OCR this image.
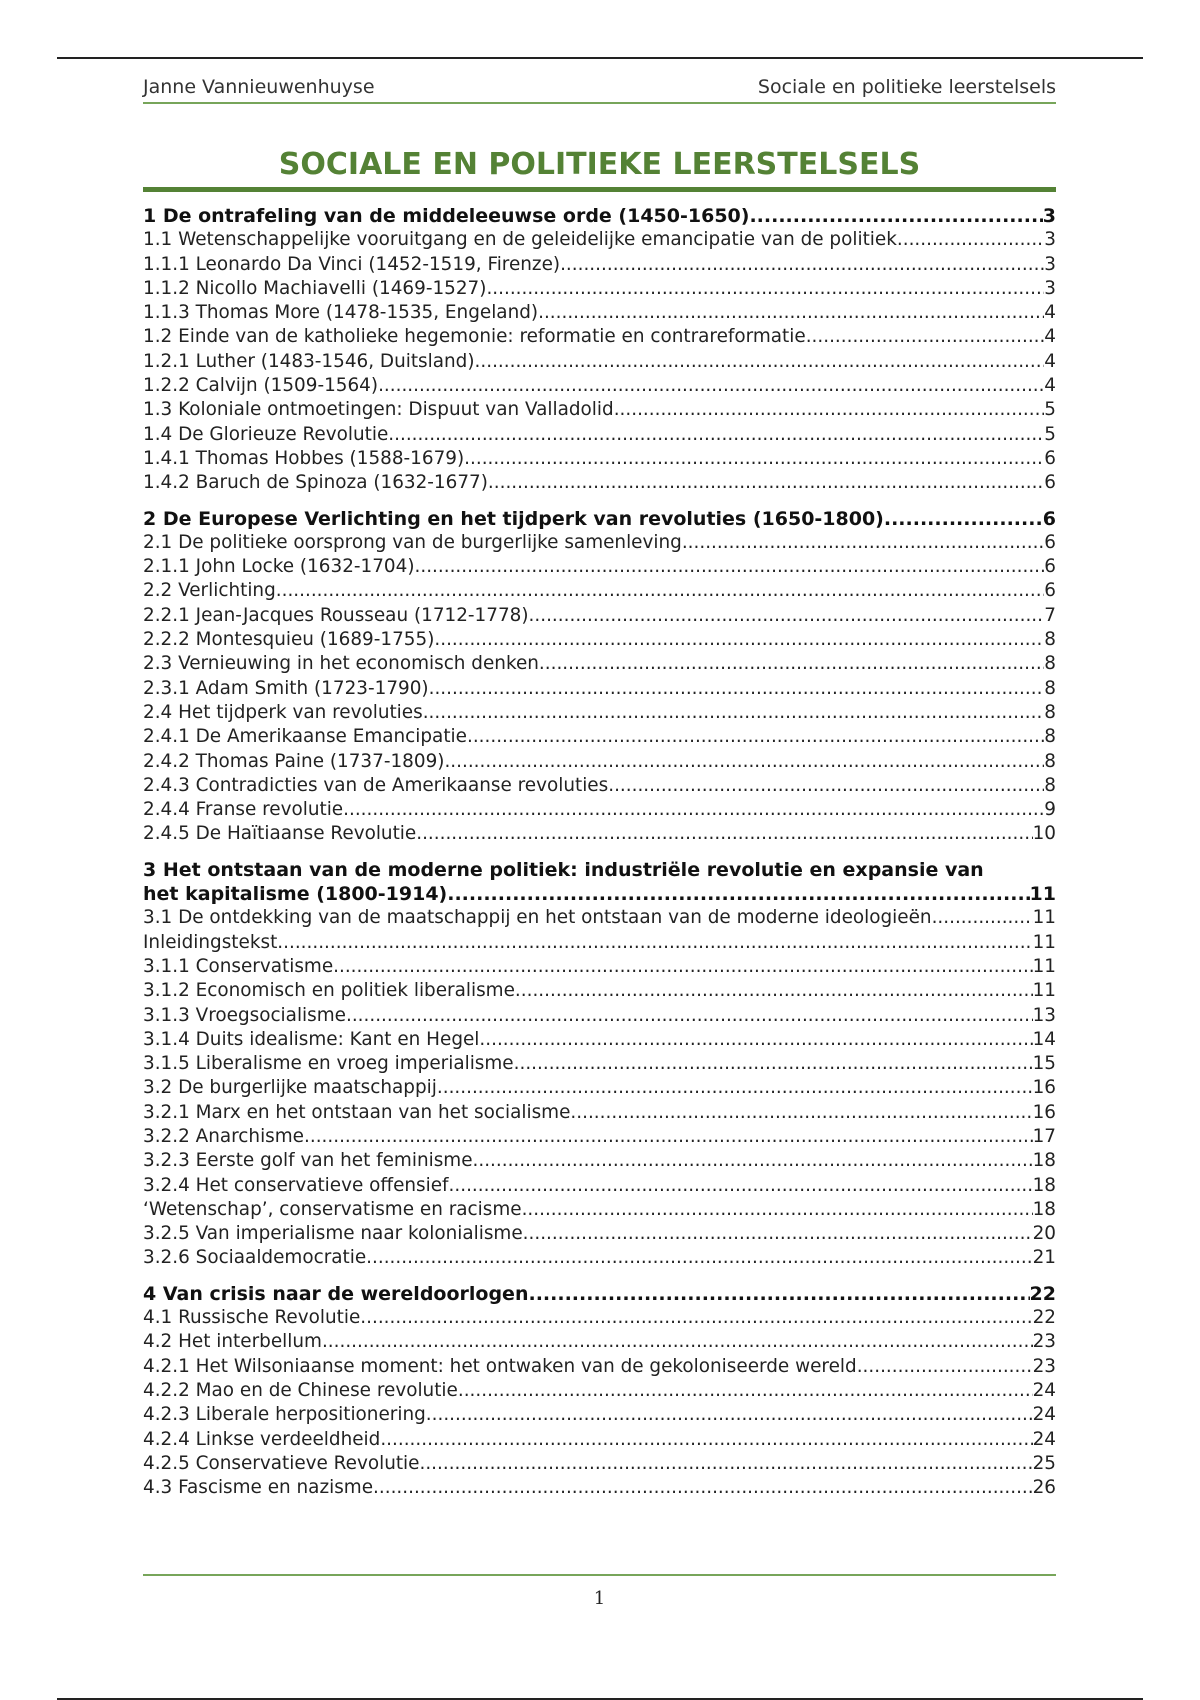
Janne Vannieuwenhuyse	Sociale en politieke leerstelsels
SOCIALE EN POLITIEKE LEERSTELSELS
1 De ontrafeling van de middeleeuwse orde (1450-1650) .....	3
1.1 Wetenschappelijke vooruitgang en de geleidelijke emancipatie van de politiek .....	3
1.1.1 Leonardo Da Vinci (1452-1519, Firenze) .....	3
1.1.2 Nicollo Machiavelli (1469-1527) .....	3
1.1.3 Thomas More (1478-1535, Engeland) .....	4
1.2 Einde van de katholieke hegemonie: reformatie en contrareformatie .....	4
1.2.1 Luther (1483-1546, Duitsland) .....	4
1.2.2 Calvijn (1509-1564) .....	4
1.3 Koloniale ontmoetingen: Dispuut van Valladolid .....	5
1.4 De Glorieuze Revolutie .....	5
1.4.1 Thomas Hobbes (1588-1679) .....	6
1.4.2 Baruch de Spinoza (1632-1677) .....	6
2 De Europese Verlichting en het tijdperk van revoluties (1650-1800) .....	6
2.1 De politieke oorsprong van de burgerlijke samenleving .....	6
2.1.1 John Locke (1632-1704) .....	6
2.2 Verlichting .....	6
2.2.1 Jean-Jacques Rousseau (1712-1778) .....	7
2.2.2 Montesquieu (1689-1755) .....	8
2.3 Vernieuwing in het economisch denken .....	8
2.3.1 Adam Smith (1723-1790) .....	8
2.4 Het tijdperk van revoluties .....	8
2.4.1 De Amerikaanse Emancipatie .....	8
2.4.2 Thomas Paine (1737-1809) .....	8
2.4.3 Contradicties van de Amerikaanse revoluties .....	8
2.4.4 Franse revolutie .....	9
2.4.5 De Haïtiaanse Revolutie .....	10
3 Het ontstaan van de moderne politiek: industriële revolutie en expansie van
het kapitalisme (1800-1914) .....	11
3.1 De ontdekking van de maatschappij en het ontstaan van de moderne ideologieën .....	11
Inleidingstekst .....	11
3.1.1 Conservatisme .....	11
3.1.2 Economisch en politiek liberalisme .....	11
3.1.3 Vroegsocialisme .....	13
3.1.4 Duits idealisme: Kant en Hegel .....	14
3.1.5 Liberalisme en vroeg imperialisme .....	15
3.2 De burgerlijke maatschappij .....	16
3.2.1 Marx en het ontstaan van het socialisme .....	16
3.2.2 Anarchisme .....	17
3.2.3 Eerste golf van het feminisme .....	18
3.2.4 Het conservatieve offensief .....	18
‘Wetenschap’, conservatisme en racisme .....	18
3.2.5 Van imperialisme naar kolonialisme .....	20
3.2.6 Sociaaldemocratie .....	21
4 Van crisis naar de wereldoorlogen .....	22
4.1 Russische Revolutie .....	22
4.2 Het interbellum .....	23
4.2.1 Het Wilsoniaanse moment: het ontwaken van de gekoloniseerde wereld .....	23
4.2.2 Mao en de Chinese revolutie .....	24
4.2.3 Liberale herpositionering .....	24
4.2.4 Linkse verdeeldheid .....	24
4.2.5 Conservatieve Revolutie .....	25
4.3 Fascisme en nazisme .....	26
1
